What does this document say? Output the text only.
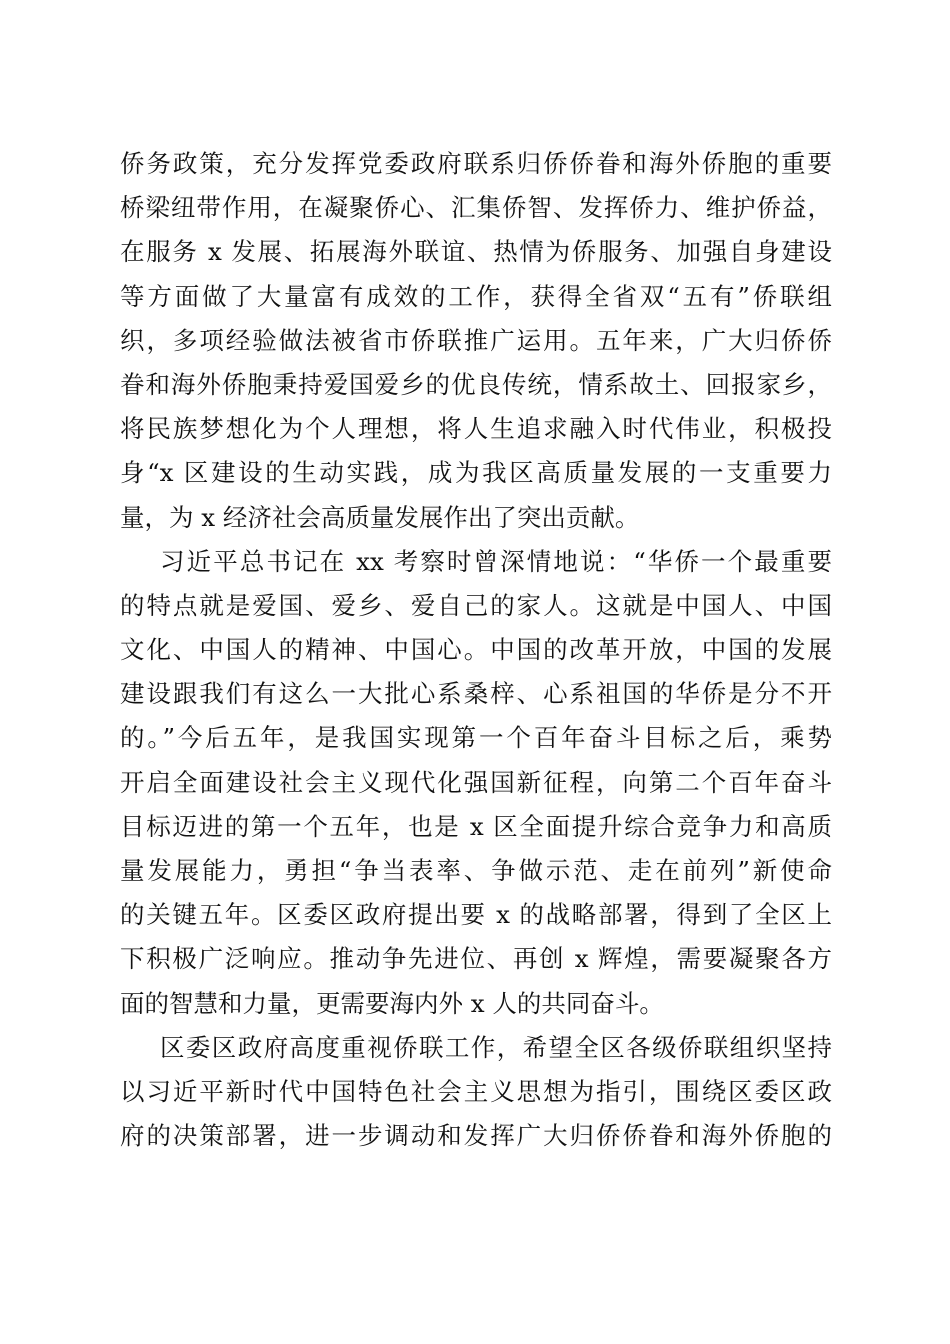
侨务政策，充分发挥党委政府联系归侨侨眷和海外侨胞的重要
桥梁纽带作用，在凝聚侨心、汇集侨智、发挥侨力、维护侨益，
在服务 x 发展、拓展海外联谊、热情为侨服务、加强自身建设
等方面做了大量富有成效的工作，获得全省双“五有”侨联组
织，多项经验做法被省市侨联推广运用。五年来，广大归侨侨
眷和海外侨胞秉持爱国爱乡的优良传统，情系故土、回报家乡，
将民族梦想化为个人理想，将人生追求融入时代伟业，积极投
身“x 区建设的生动实践，成为我区高质量发展的一支重要力
量，为 x 经济社会高质量发展作出了突出贡献。
习近平总书记在 xx 考察时曾深情地说：“华侨一个最重要
的特点就是爱国、爱乡、爱自己的家人。这就是中国人、中国
文化、中国人的精神、中国心。中国的改革开放，中国的发展
建设跟我们有这么一大批心系桑梓、心系祖国的华侨是分不开
的。”今后五年，是我国实现第一个百年奋斗目标之后，乘势
开启全面建设社会主义现代化强国新征程，向第二个百年奋斗
目标迈进的第一个五年，也是 x 区全面提升综合竞争力和高质
量发展能力，勇担“争当表率、争做示范、走在前列”新使命
的关键五年。区委区政府提出要 x 的战略部署，得到了全区上
下积极广泛响应。推动争先进位、再创 x 辉煌，需要凝聚各方
面的智慧和力量，更需要海内外 x 人的共同奋斗。
区委区政府高度重视侨联工作，希望全区各级侨联组织坚持
以习近平新时代中国特色社会主义思想为指引，围绕区委区政
府的决策部署，进一步调动和发挥广大归侨侨眷和海外侨胞的
